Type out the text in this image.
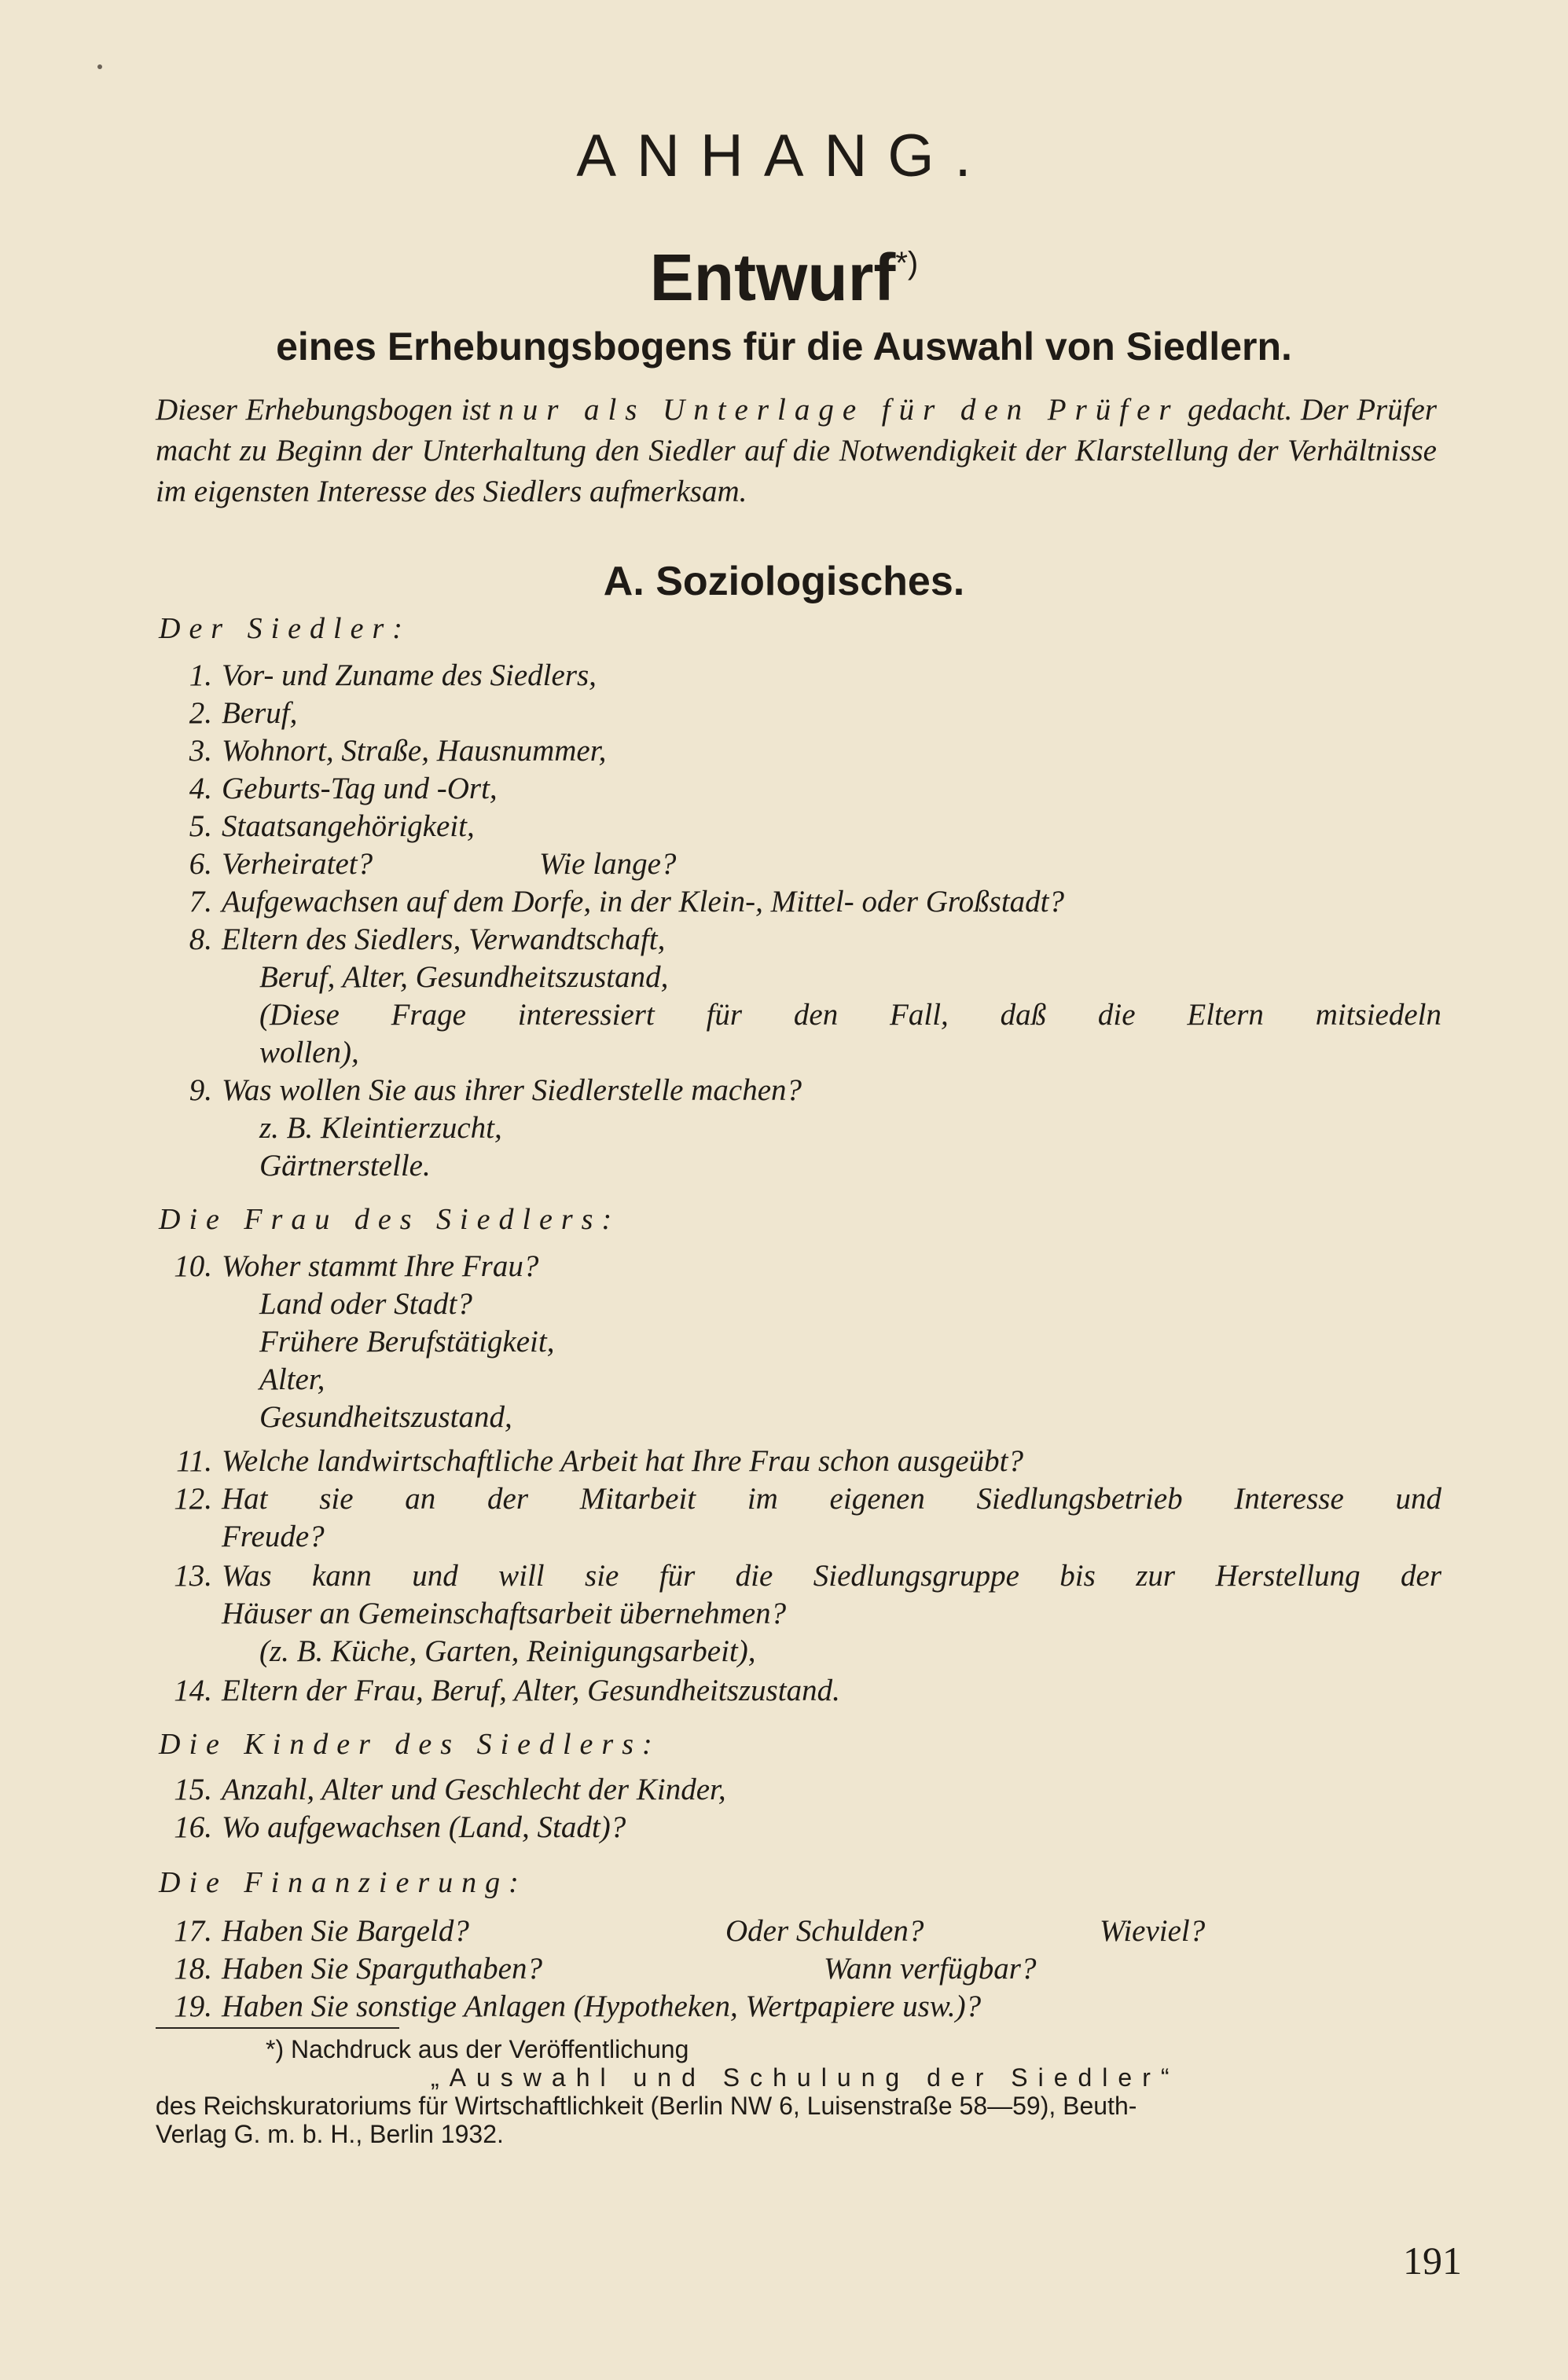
ANHANG.
Entwurf*)
eines Erhebungsbogens für die Auswahl von Siedlern.
Dieser Erhebungsbogen ist nur als Unterlage für den Prüfer gedacht. Der Prüfer macht zu Beginn der Unterhaltung den Siedler auf die Notwendigkeit der Klarstellung der Verhältnisse im eigensten Interesse des Siedlers aufmerksam.
A. Soziologisches.
Der Siedler:
1. Vor- und Zuname des Siedlers,
2. Beruf,
3. Wohnort, Straße, Hausnummer,
4. Geburts-Tag und -Ort,
5. Staatsangehörigkeit,
6. Verheiratet?	Wie lange?
7. Aufgewachsen auf dem Dorfe, in der Klein-, Mittel- oder Großstadt?
8. Eltern des Siedlers, Verwandtschaft,
Beruf, Alter, Gesundheitszustand,
(Diese Frage interessiert für den Fall, daß die Eltern mitsiedeln
wollen),
9. Was wollen Sie aus ihrer Siedlerstelle machen?
z. B. Kleintierzucht,
Gärtnerstelle.
Die Frau des Siedlers:
10. Woher stammt Ihre Frau?
Land oder Stadt?
Frühere Berufstätigkeit,
Alter,
Gesundheitszustand,
11. Welche landwirtschaftliche Arbeit hat Ihre Frau schon ausgeübt?
12. Hat sie an der Mitarbeit im eigenen Siedlungsbetrieb Interesse und
Freude?
13. Was kann und will sie für die Siedlungsgruppe bis zur Herstellung der
Häuser an Gemeinschaftsarbeit übernehmen?
(z. B. Küche, Garten, Reinigungsarbeit),
14. Eltern der Frau, Beruf, Alter, Gesundheitszustand.
Die Kinder des Siedlers:
15. Anzahl, Alter und Geschlecht der Kinder,
16. Wo aufgewachsen (Land, Stadt)?
Die Finanzierung:
17. Haben Sie Bargeld?	Oder Schulden?	Wieviel?
18. Haben Sie Sparguthaben?	Wann verfügbar?
19. Haben Sie sonstige Anlagen (Hypotheken, Wertpapiere usw.)?
*) Nachdruck aus der Veröffentlichung
„Auswahl und Schulung der Siedler“
des Reichskuratoriums für Wirtschaftlichkeit (Berlin NW 6, Luisenstraße 58—59), Beuth-
Verlag G. m. b. H., Berlin 1932.
191
